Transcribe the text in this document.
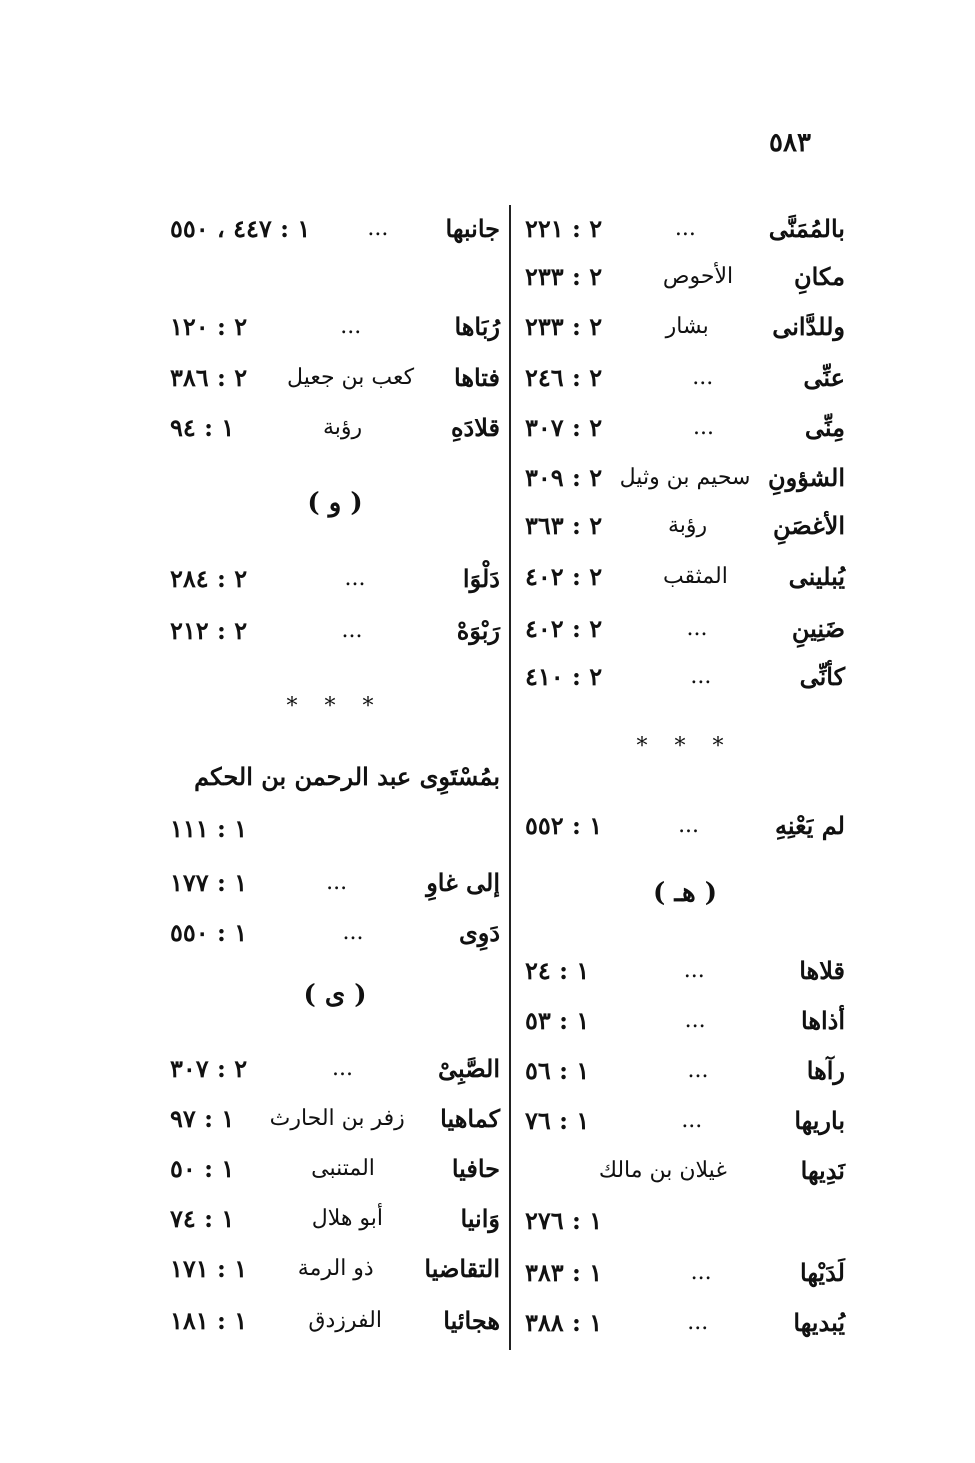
٥٨٣
بالمُمَنَّى
...
٢ : ٢٢١
مكانِ
الأحوص
٢ : ٢٣٣
وللدَّانى
بشار
٢ : ٢٣٣
عنِّى
...
٢ : ٢٤٦
مِنِّى
...
٢ : ٣٠٧
الشؤونِ
سحيم بن وثيل
٢ : ٣٠٩
الأغصَنِ
رؤبة
٢ : ٣٦٣
يُبلينى
المثقب
٢ : ٤٠٢
ضَنِينِ
...
٢ : ٤٠٢
كأنِّى
...
٢ : ٤١٠
* * *
لم يَعْنِهِ
...
١ : ٥٥٢
( هـ )
قلاها
...
١ : ٢٤
أذاها
...
١ : ٥٣
رآها
...
١ : ٥٦
باريها
...
١ : ٧٦
نَدِيها
غيلان بن مالك
١ : ٢٧٦
لَدَيْها
...
١ : ٣٨٣
يُبديها
...
١ : ٣٨٨
جانبها
...
١ : ٤٤٧ ، ٥٥٠
رُبَاها
...
٢ : ١٢٠
فتاها
كعب بن جعيل
٢ : ٣٨٦
قلادَهِ
رؤبة
١ : ٩٤
( و )
دَلْوَا
...
٢ : ٢٨٤
رَبْوَهْ
...
٢ : ٢١٢
* * *
بمُسْتَوِى عبد الرحمن بن الحكم
١ : ١١١
إلى غاوِ
...
١ : ١٧٧
دَوِى
...
١ : ٥٥٠
( ى )
الصَّبِىْ
...
٢ : ٣٠٧
كماهيا
زفر بن الحارث
١ : ٩٧
حافيا
المتنبى
١ : ٥٠
وَانيا
أبو هلال
١ : ٧٤
التقاضيا
ذو الرمة
١ : ١٧١
هجائيا
الفرزدق
١ : ١٨١
